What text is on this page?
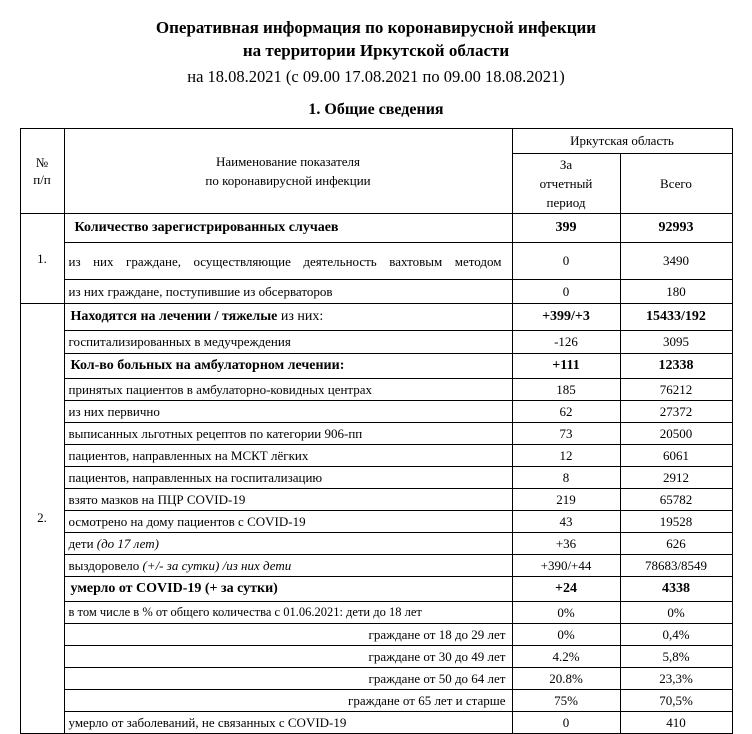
Оперативная информация по коронавирусной инфекции
на территории Иркутской области
на 18.08.2021 (с 09.00 17.08.2021 по 09.00 18.08.2021)
1. Общие сведения
№
п/п

Наименование показателя
по коронавирусной инфекции
	Иркутская область

		За
отчетный
период	Всего
1.	Количество зарегистрированных случаев	399	92993
	из них граждане, осуществляющие деятельность вахтовым методом	0	3490
	из них граждане, поступившие из обсерваторов	0	180
2.	Находятся на лечении / тяжелые из них:	+399/+3	15433/192
	госпитализированных в медучреждения	-126	3095
	Кол-во больных на амбулаторном лечении:	+111	12338
	принятых пациентов в амбулаторно-ковидных центрах	185	76212
	из них первично	62	27372
	выписанных льготных рецептов по категории 906-пп	73	20500
	пациентов, направленных на МСКТ лёгких	12	6061
	пациентов, направленных на госпитализацию	8	2912
	взято мазков на ПЦР COVID-19	219	65782
	осмотрено на дому пациентов с COVID-19	43	19528
	дети (до 17 лет)	+36	626
	выздоровело (+/- за сутки) /из них дети	+390/+44	78683/8549
	умерло от COVID-19 (+ за сутки)	+24	4338
	в том числе в % от общего количества с 01.06.2021: дети до 18 лет	0%	0%
	граждане от 18 до 29 лет	0%	0,4%
	граждане от 30 до 49 лет	4.2%	5,8%
	граждане от 50 до 64 лет	20.8%	23,3%
	граждане от 65 лет и старше	75%	70,5%
	умерло от заболеваний, не связанных с COVID-19	0	410
